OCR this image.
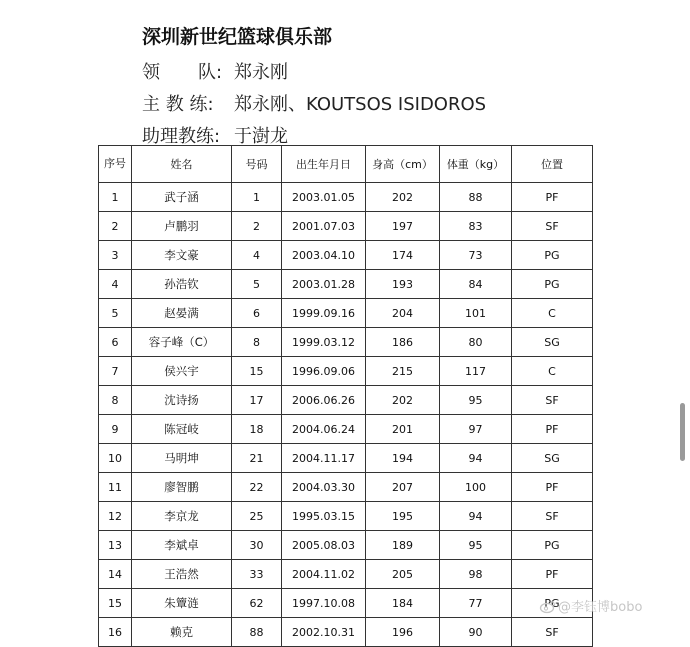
深圳新世纪篮球俱乐部
领 队: 郑永刚
主 教 练: 郑永刚、KOUTSOS ISIDOROS
助理教练: 于澍龙
序号	姓名	号码	出生年月日	身高（cm）	体重（kg）	位置
1	武子涵	1	2003.01.05	202	88	PF
2	卢鹏羽	2	2001.07.03	197	83	SF
3	李文豪	4	2003.04.10	174	73	PG
4	孙浩钦	5	2003.01.28	193	84	PG
5	赵晏满	6	1999.09.16	204	101	C
6	容子峰（C）	8	1999.03.12	186	80	SG
7	侯兴宇	15	1996.09.06	215	117	C
8	沈诗扬	17	2006.06.26	202	95	SF
9	陈冠岐	18	2004.06.24	201	97	PF
10	马明坤	21	2004.11.17	194	94	SG
11	廖智鹏	22	2004.03.30	207	100	PF
12	李京龙	25	1995.03.15	195	94	SF
13	李斌卓	30	2005.08.03	189	95	PG
14	王浩然	33	2004.11.02	205	98	PF
15	朱簟涟	62	1997.10.08	184	77	PG
16	赖克	88	2002.10.31	196	90	SF
@李钰博bobo
